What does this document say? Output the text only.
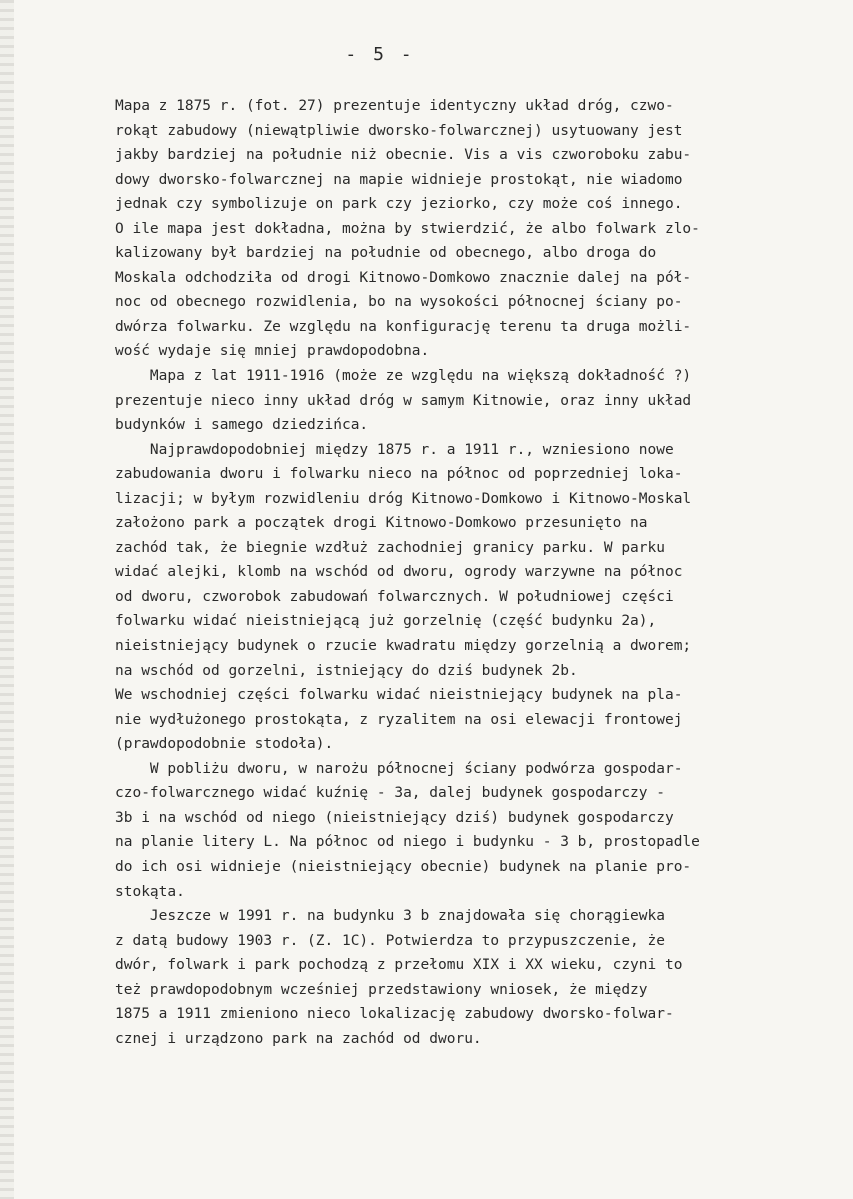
- 5 -
Mapa z 1875 r. (fot. 27) prezentuje identyczny układ dróg, czwo-
rokąt zabudowy (niewątpliwie dworsko-folwarcznej) usytuowany jest
jakby bardziej na południe niż obecnie. Vis a vis czworoboku zabu-
dowy dworsko-folwarcznej na mapie widnieje prostokąt, nie wiadomo
jednak czy symbolizuje on park czy jeziorko, czy może coś innego.
O ile mapa jest dokładna, można by stwierdzić, że albo folwark zlo-
kalizowany był bardziej na południe od obecnego, albo droga do
Moskala odchodziła od drogi Kitnowo-Domkowo znacznie dalej na pół-
noc od obecnego rozwidlenia, bo na wysokości północnej ściany po-
dwórza folwarku. Ze względu na konfigurację terenu ta druga możli-
wość wydaje się mniej prawdopodobna.
Mapa z lat 1911-1916 (może ze względu na większą dokładność ?)
prezentuje nieco inny układ dróg w samym Kitnowie, oraz inny układ
budynków i samego dziedzińca.
Najprawdopodobniej między 1875 r. a 1911 r., wzniesiono nowe
zabudowania dworu i folwarku nieco na północ od poprzedniej loka-
lizacji; w byłym rozwidleniu dróg Kitnowo-Domkowo i Kitnowo-Moskal
założono park a początek drogi Kitnowo-Domkowo przesunięto na
zachód tak, że biegnie wzdłuż zachodniej granicy parku. W parku
widać alejki, klomb na wschód od dworu, ogrody warzywne na północ
od dworu, czworobok zabudowań folwarcznych. W południowej części
folwarku widać nieistniejącą już gorzelnię (część budynku 2a),
nieistniejący budynek o rzucie kwadratu między gorzelnią a dworem;
na wschód od gorzelni, istniejący do dziś budynek 2b.
We wschodniej części folwarku widać nieistniejący budynek na pla-
nie wydłużonego prostokąta, z ryzalitem na osi elewacji frontowej
(prawdopodobnie stodoła).
W pobliżu dworu, w narożu północnej ściany podwórza gospodar-
czo-folwarcznego widać kuźnię - 3a, dalej budynek gospodarczy -
3b i na wschód od niego (nieistniejący dziś) budynek gospodarczy
na planie litery L. Na północ od niego i budynku - 3 b, prostopadle
do ich osi widnieje (nieistniejący obecnie) budynek na planie pro-
stokąta.
Jeszcze w 1991 r. na budynku 3 b znajdowała się chorągiewka
z datą budowy 1903 r. (Z. 1C). Potwierdza to przypuszczenie, że
dwór, folwark i park pochodzą z przełomu XIX i XX wieku, czyni to
też prawdopodobnym wcześniej przedstawiony wniosek, że między
1875 a 1911 zmieniono nieco lokalizację zabudowy dworsko-folwar-
cznej i urządzono park na zachód od dworu.
